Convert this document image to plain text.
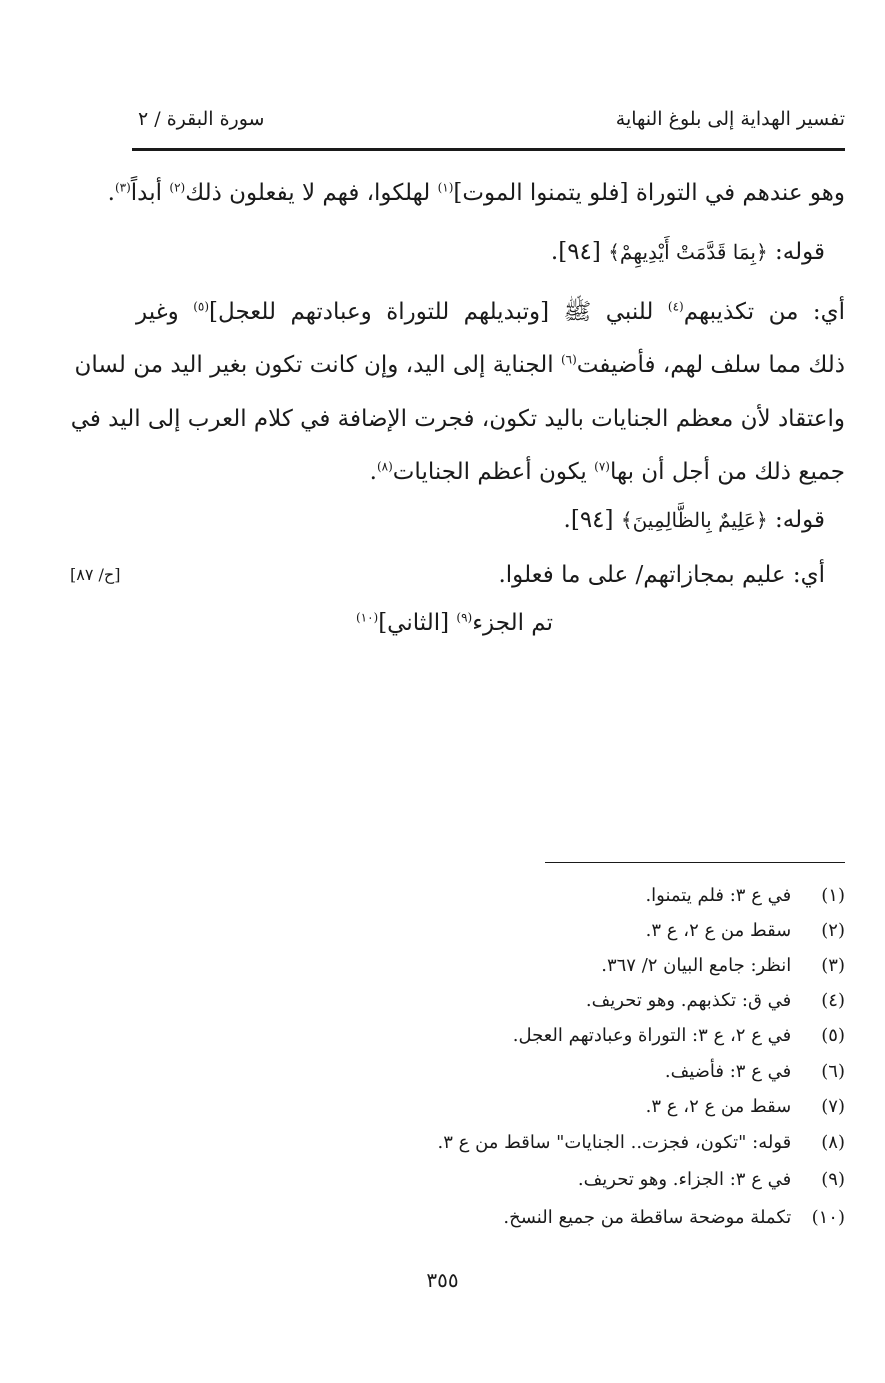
تفسير الهداية إلى بلوغ النهاية
سورة البقرة / ٢
وهو عندهم في التوراة [فلو يتمنوا الموت]$^{(١)}$ لهلكوا، فهم لا يفعلون ذلك$^{(٢)}$ أبداً$^{(٣)}$.
قوله: ﴿بِمَا قَدَّمَتْ أَيْدِيهِمْ﴾ [٩٤].
أي: من تكذيبهم$^{(٤)}$ للنبي ﷺ [وتبديلهم للتوراة وعبادتهم للعجل]$^{(٥)}$ وغير
ذلك مما سلف لهم، فأضيفت$^{(٦)}$ الجناية إلى اليد، وإن كانت تكون بغير اليد من لسان
واعتقاد لأن معظم الجنايات باليد تكون، فجرت الإضافة في كلام العرب إلى اليد في
جميع ذلك من أجل أن بها$^{(٧)}$ يكون أعظم الجنايات$^{(٨)}$.
قوله: ﴿عَلِيمٌ بِالظَّالِمِينَ﴾ [٩٤].
أي: عليم بمجازاتهم/ على ما فعلوا.
تم الجزء$^{(٩)}$ [الثاني]$^{(١٠)}$
[ح/ ٨٧]
(١) في ع ٣: فلم يتمنوا.
(٢) سقط من ع ٢، ع ٣.
(٣) انظر: جامع البيان ٢/ ٣٦٧.
(٤) في ق: تكذبهم. وهو تحريف.
(٥) في ع ٢، ع ٣: التوراة وعبادتهم العجل.
(٦) في ع ٣: فأضيف.
(٧) سقط من ع ٢، ع ٣.
(٨) قوله: "تكون، فجزت.. الجنايات" ساقط من ع ٣.
(٩) في ع ٣: الجزاء. وهو تحريف.
(١٠) تكملة موضحة ساقطة من جميع النسخ.
٣٥٥
